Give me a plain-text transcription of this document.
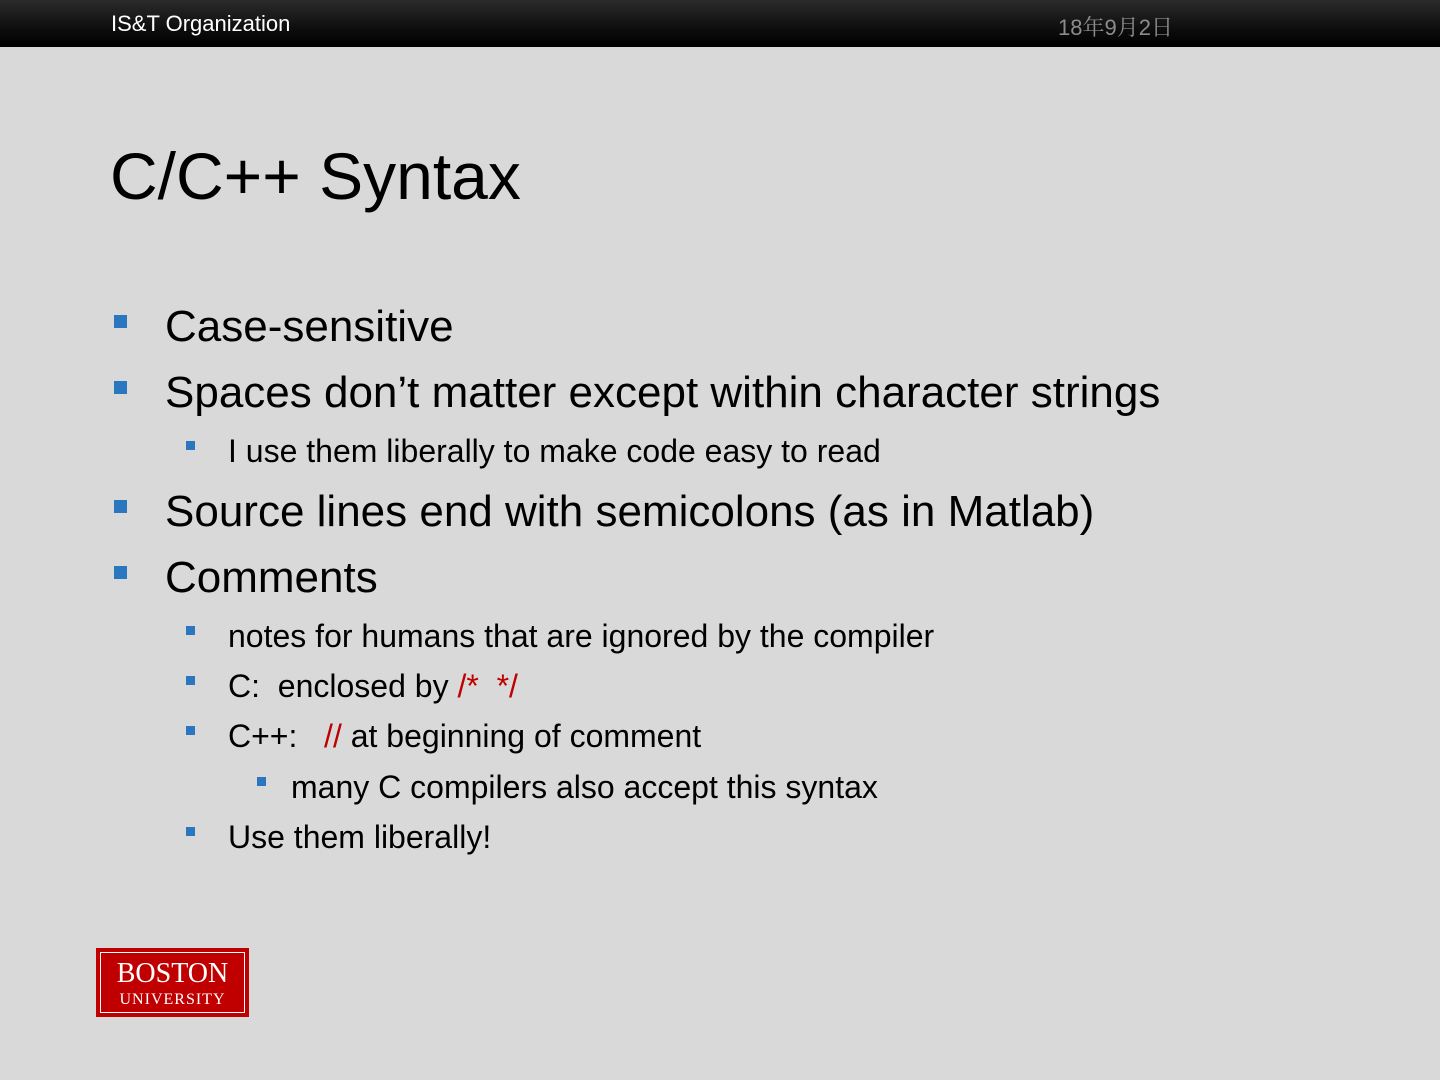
IS&T Organization	18年9月2日
C/C++ Syntax
Case-sensitive
Spaces don’t matter except within character strings
I use them liberally to make code easy to read
Source lines end with semicolons (as in Matlab)
Comments
notes for humans that are ignored by the compiler
C:  enclosed by /*  */
C++:   // at beginning of comment
many C compilers also accept this syntax
Use them liberally!
BOSTON
UNIVERSITY
